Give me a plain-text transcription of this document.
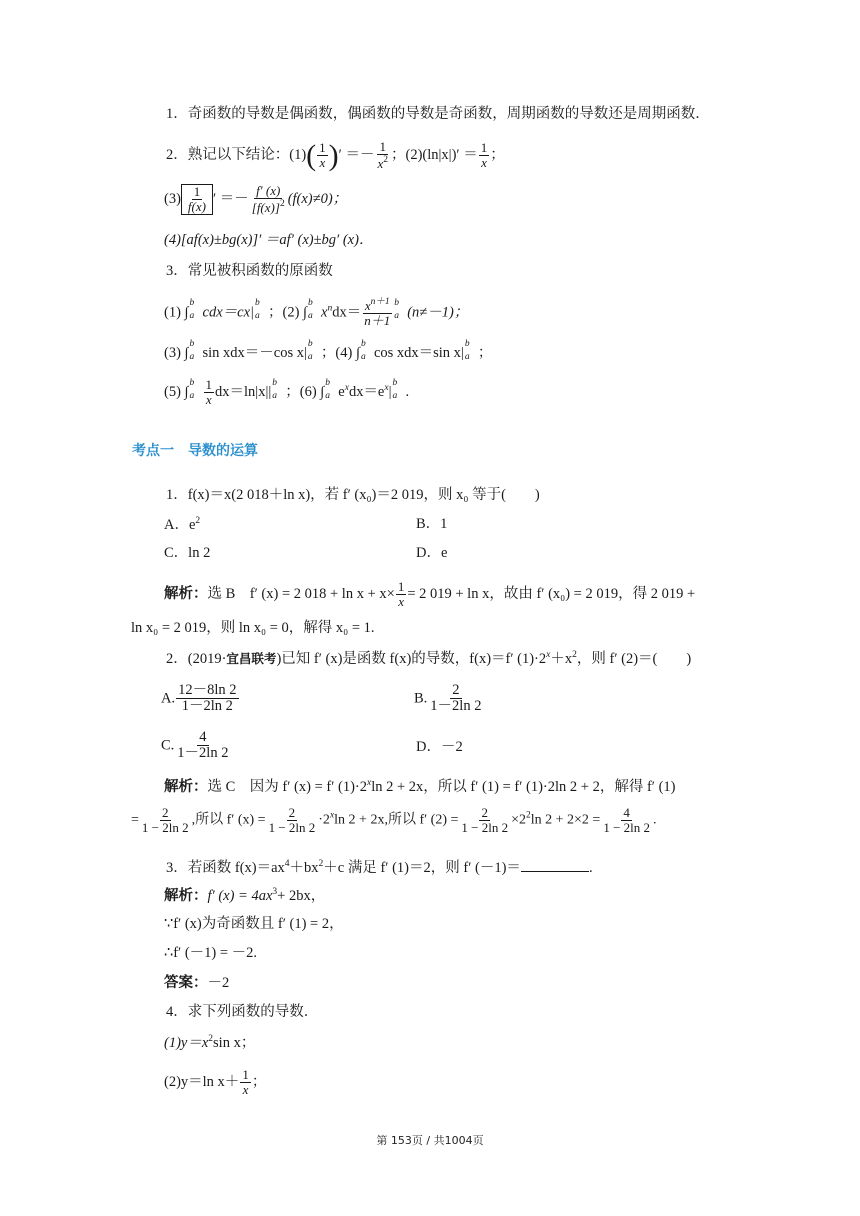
1．奇函数的导数是偶函数，偶函数的导数是奇函数，周期函数的导数还是周期函数．
2．熟记以下结论：$(1)( \frac{1}{x}$ )′ ＝－ $\frac{1}{x^2}$ ；$(2)(\ln|x|)' = \frac{1}{x}$ ；
$(3) \frac{1}{f(x)}$ ′ ＝－ $\frac{f' (x)}{[f(x)]^2} (f(x)\ne 0)$；
(4)[af(x)±bg(x)]′ ＝af′ (x)±bg′ (x)．
3．常见被积函数的原函数
(1) ∫
b
a cdx＝cx|
b
a ；(2) ∫
b
a $x^ndx= \frac{x^{n+1}}{n+1}$ b
a (n≠－1)；
(3) ∫
b
a sin xdx＝－cos x|
b
a ；(4) ∫
b
a cos xdx＝sin x|
b
a ；
(5) ∫
b
a $\frac{1}{x} dx=\ln|x||$
b
a ；(6) ∫
b
a $e^xdx=e^x|$
b
a .
考点一　导数的运算
1．f(x)＝x(2 018＋ln x)，若 f′ (x₀)＝2 019，则 x₀ 等于(　　)
A．$e^2$	B．1
C．ln 2	D．e
解析：选 B　f′ (x) = 2 $018 + \ln x + x\times \frac{1}{x} = 2$ 019 + ln x，故由 f′ (x₀) = 2 019，得 2 019 +
ln x₀ = 2 019，则 ln x₀ = 0，解得 x₀ = 1.
2．(2019·宜昌联考)已知 f′ (x)是函数 f(x)的导数，f(x)＝f′ $(1)\cdot 2^x+x^2$，则 f′ (2)＝(　　)
A. $\frac{12-8\ln 2}{1-2\ln 2}$	B. $\frac{2}{1-2\ln 2}$
C. $\frac{4}{1-2\ln 2}$	D．－2
解析：选 C　因为 f′ (x) = f′ $(1)\cdot 2^x\ln$ 2 + 2x，所以 f′ (1) = f′ (1)·2ln 2 + 2，解得 f′ (1)
= $\frac{2}{1 - 2\ln 2}$ ,所以 f′ $(x) = \frac{2}{1 - 2\ln 2} \cdot 2^x\ln$ 2 + 2x,所以 f′ $(2) = \frac{2}{1 - 2\ln 2} \times 2^2\ln$ $2 + 2\times 2 = \frac{4}{1 - 2\ln 2}$ .
3．若函数 $f(x)=ax^4+bx^2+c$ 满足 f′ (1)＝2，则 f′ (－1)＝	.
解析：f′ $(x) = 4ax^3+ 2bx$，
∵f′ (x)为奇函数且 f′ (1) = 2，
∴f′ (－1) = －2.
答案：－2
4．求下列函数的导数．
$(1)y=x^2\sin$ x；
(2)y＝ln $x+ \frac{1}{x}$ ；
第 153页 / 共1004页
